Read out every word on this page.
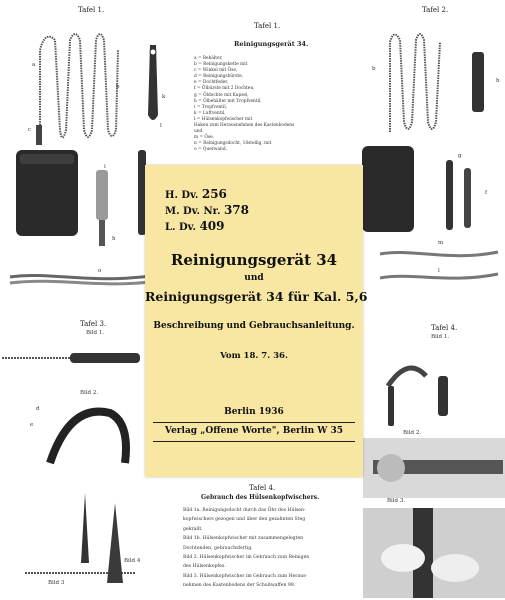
Tafel 1.
a
b
c
k
l
i
h
o
Tafel 1.
Reinigungsgerät 34.
a = Behälter,
b = Reinigungskette mit
c = Winkel mit Öse,
d = Reinigungsbürste,
e = Dochtfeder,
f = Ölbürste mit 2 Dochten,
g = Öldochte mit Kapsel,
h = Ölbehälter mit Tropfventil,
i = Tropfventil,
k = Luftventil,
l = Hülsenkopfwischer mit
Haken zum Herausnehmen des Kastenbodens
und
m = Öse,
n = Reinigungsdocht, 18stellig, mit
o = Querwand.
Tafel 2.
b
h
g
f
m
l
Tafel 3.
Bild 1.
Bild 2.
d
e
Bild 3
Bild 4
Tafel 4.
Bild 1.
Bild 2.
Bild 3.
Tafel 4.
Gebrauch des Hülsenkopfwischers.
Bild 1a. Reinigungsdocht durch das Öhr des Hülsen-
kopfwischers gezogen und über den gezahnten Steg
gekrallt.
Bild 1b. Hülsenkopfwischer mit zusammengelegten
Dochtenden, gebrauchsfertig.
Bild 2. Hülsenkopfwischer im Gebrauch zum Reinigen
des Hülsenkopfes.
Bild 3. Hülsenkopfwischer im Gebrauch zum Heraus-
nehmen des Kastenbodens der Schußwaffen 98.
H. Dv. 256
M. Dv. Nr. 378
L. Dv. 409
Reinigungsgerät 34
und
Reinigungsgerät 34 für Kal. 5,6
Beschreibung und Gebrauchsanleitung.
Vom 18. 7. 36.
Berlin 1936
Verlag „Offene Worte", Berlin W 35
